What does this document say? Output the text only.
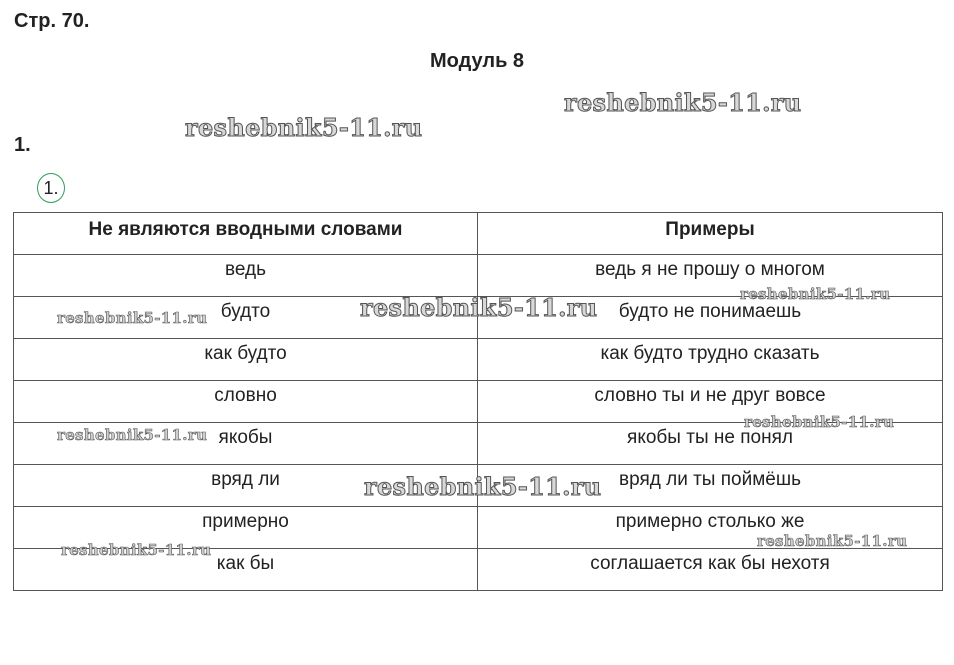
Стр. 70.
Модуль 8
1.
1.
Не являются вводными словами	Примеры
ведь	ведь я не прошу о многом
будто	будто не понимаешь
как будто	как будто трудно сказать
словно	словно ты и не друг вовсе
якобы	якобы ты не понял
вряд ли	вряд ли ты поймёшь
примерно	примерно столько же
как бы	соглашается как бы нехотя
reshebnik5-11.ru
reshebnik5-11.ru
reshebnik5-11.ru
reshebnik5-11.ru
reshebnik5-11.ru
reshebnik5-11.ru
reshebnik5-11.ru
reshebnik5-11.ru
reshebnik5-11.ru
reshebnik5-11.ru
